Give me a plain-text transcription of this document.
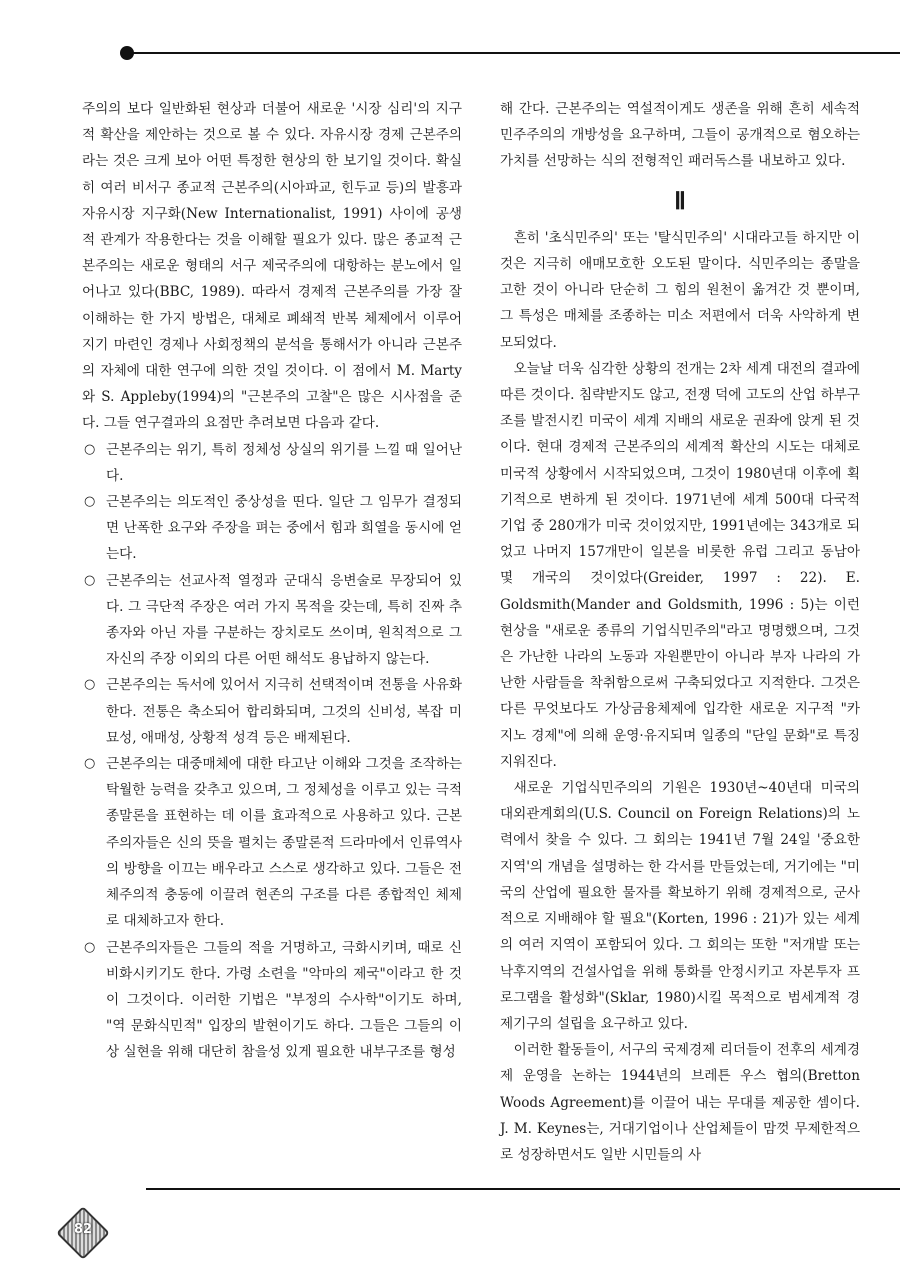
주의의 보다 일반화된 현상과 더불어 새로운 '시장 심리'의 지구적 확산을 제안하는 것으로 볼 수 있다. 자유시장 경제 근본주의라는 것은 크게 보아 어떤 특정한 현상의 한 보기일 것이다. 확실히 여러 비서구 종교적 근본주의(시아파교, 힌두교 등)의 발흥과 자유시장 지구화(New Internationalist, 1991) 사이에 공생적 관계가 작용한다는 것을 이해할 필요가 있다. 많은 종교적 근본주의는 새로운 형태의 서구 제국주의에 대항하는 분노에서 일어나고 있다(BBC, 1989). 따라서 경제적 근본주의를 가장 잘 이해하는 한 가지 방법은, 대체로 폐쇄적 반복 체제에서 이루어지기 마련인 경제나 사회정책의 분석을 통해서가 아니라 근본주의 자체에 대한 연구에 의한 것일 것이다. 이 점에서 M. Marty와 S. Appleby(1994)의 "근본주의 고찰"은 많은 시사점을 준다. 그들 연구결과의 요점만 추려보면 다음과 같다.

○ 근본주의는 위기, 특히 정체성 상실의 위기를 느낄 때 일어난다.
○ 근본주의는 의도적인 중상성을 띤다. 일단 그 임무가 결정되면 난폭한 요구와 주장을 펴는 중에서 힘과 희열을 동시에 얻는다.
○ 근본주의는 선교사적 열정과 군대식 응변술로 무장되어 있다. 그 극단적 주장은 여러 가지 목적을 갖는데, 특히 진짜 추종자와 아닌 자를 구분하는 장치로도 쓰이며, 원칙적으로 그 자신의 주장 이외의 다른 어떤 해석도 용납하지 않는다.
○ 근본주의는 독서에 있어서 지극히 선택적이며 전통을 사유화한다. 전통은 축소되어 합리화되며, 그것의 신비성, 복잡 미묘성, 애매성, 상황적 성격 등은 배제된다.
○ 근본주의는 대중매체에 대한 타고난 이해와 그것을 조작하는 탁월한 능력을 갖추고 있으며, 그 정체성을 이루고 있는 극적 종말론을 표현하는 데 이를 효과적으로 사용하고 있다. 근본주의자들은 신의 뜻을 펼치는 종말론적 드라마에서 인류역사의 방향을 이끄는 배우라고 스스로 생각하고 있다. 그들은 전체주의적 충동에 이끌려 현존의 구조를 다른 종합적인 체제로 대체하고자 한다.
○ 근본주의자들은 그들의 적을 거명하고, 극화시키며, 때로 신비화시키기도 한다. 가령 소련을 "악마의 제국"이라고 한 것이 그것이다. 이러한 기법은 "부정의 수사학"이기도 하며, "역 문화식민적" 입장의 발현이기도 하다. 그들은 그들의 이상 실현을 위해 대단히 참을성 있게 필요한 내부구조를 형성

해 간다. 근본주의는 역설적이게도 생존을 위해 흔히 세속적 민주주의의 개방성을 요구하며, 그들이 공개적으로 혐오하는 가치를 선망하는 식의 전형적인 패러독스를 내보하고 있다.

Ⅱ

흔히 '초식민주의' 또는 '탈식민주의' 시대라고들 하지만 이것은 지극히 애매모호한 오도된 말이다. 식민주의는 종말을 고한 것이 아니라 단순히 그 힘의 원천이 옮겨간 것 뿐이며, 그 특성은 매체를 조종하는 미소 저편에서 더욱 사악하게 변모되었다.

오늘날 더욱 심각한 상황의 전개는 2차 세계 대전의 결과에 따른 것이다. 침략받지도 않고, 전쟁 덕에 고도의 산업 하부구조를 발전시킨 미국이 세계 지배의 새로운 권좌에 앉게 된 것이다. 현대 경제적 근본주의의 세계적 확산의 시도는 대체로 미국적 상황에서 시작되었으며, 그것이 1980년대 이후에 획기적으로 변하게 된 것이다. 1971년에 세계 500대 다국적 기업 중 280개가 미국 것이었지만, 1991년에는 343개로 되었고 나머지 157개만이 일본을 비롯한 유럽 그리고 동남아 몇 개국의 것이었다(Greider, 1997 : 22). E. Goldsmith(Mander and Goldsmith, 1996 : 5)는 이런 현상을 "새로운 종류의 기업식민주의"라고 명명했으며, 그것은 가난한 나라의 노동과 자원뿐만이 아니라 부자 나라의 가난한 사람들을 착취함으로써 구축되었다고 지적한다. 그것은 다른 무엇보다도 가상금융체제에 입각한 새로운 지구적 "카지노 경제"에 의해 운영·유지되며 일종의 "단일 문화"로 특징지워진다.

새로운 기업식민주의의 기원은 1930년~40년대 미국의 대외관계회의(U.S. Council on Foreign Relations)의 노력에서 찾을 수 있다. 그 회의는 1941년 7월 24일 '중요한 지역'의 개념을 설명하는 한 각서를 만들었는데, 거기에는 "미국의 산업에 필요한 물자를 확보하기 위해 경제적으로, 군사적으로 지배해야 할 필요"(Korten, 1996 : 21)가 있는 세계의 여러 지역이 포함되어 있다. 그 회의는 또한 "저개발 또는 낙후지역의 건설사업을 위해 통화를 안정시키고 자본투자 프로그램을 활성화"(Sklar, 1980)시킬 목적으로 범세계적 경제기구의 설립을 요구하고 있다.

이러한 활동들이, 서구의 국제경제 리더들이 전후의 세계경제 운영을 논하는 1944년의 브레튼 우스 협의(Bretton Woods Agreement)를 이끌어 내는 무대를 제공한 셈이다. J. M. Keynes는, 거대기업이나 산업체들이 맘껏 무제한적으로 성장하면서도 일반 시민들의 사

82
